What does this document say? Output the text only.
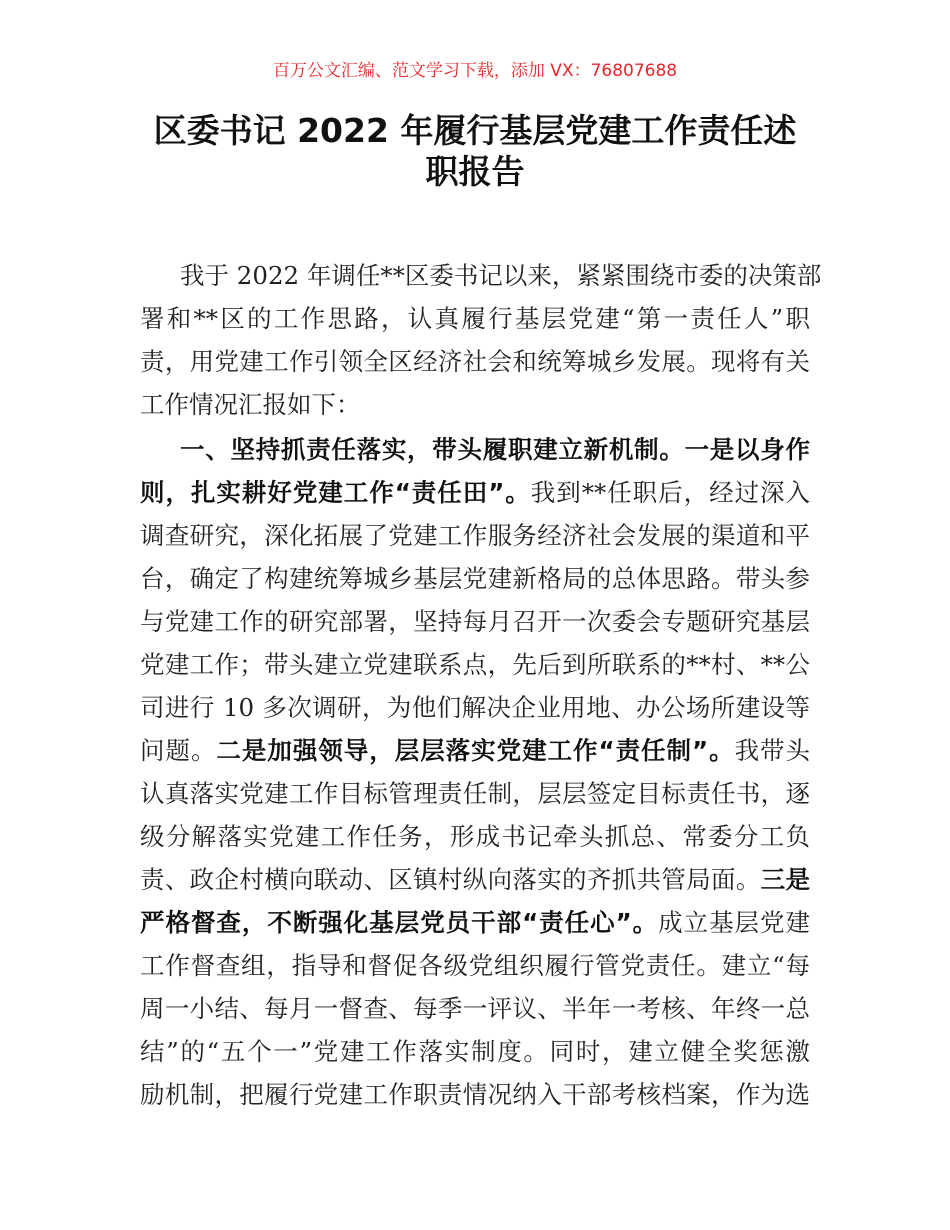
百万公文汇编、范文学习下载，添加 VX：76807688
区委书记 2022 年履行基层党建工作责任述
职报告
我于 2022 年调任**区委书记以来，紧紧围绕市委的决策部
署和**区的工作思路，认真履行基层党建“第一责任人”职
责，用党建工作引领全区经济社会和统筹城乡发展。现将有关
工作情况汇报如下：
一、坚持抓责任落实，带头履职建立新机制。一是以身作
则，扎实耕好党建工作“责任田”。我到**任职后，经过深入
调查研究，深化拓展了党建工作服务经济社会发展的渠道和平
台，确定了构建统筹城乡基层党建新格局的总体思路。带头参
与党建工作的研究部署，坚持每月召开一次委会专题研究基层
党建工作；带头建立党建联系点，先后到所联系的**村、**公
司进行 10 多次调研，为他们解决企业用地、办公场所建设等
问题。二是加强领导，层层落实党建工作“责任制”。我带头
认真落实党建工作目标管理责任制，层层签定目标责任书，逐
级分解落实党建工作任务，形成书记牵头抓总、常委分工负
责、政企村横向联动、区镇村纵向落实的齐抓共管局面。三是
严格督查，不断强化基层党员干部“责任心”。成立基层党建
工作督查组，指导和督促各级党组织履行管党责任。建立“每
周一小结、每月一督查、每季一评议、半年一考核、年终一总
结”的“五个一”党建工作落实制度。同时，建立健全奖惩激
励机制，把履行党建工作职责情况纳入干部考核档案，作为选
